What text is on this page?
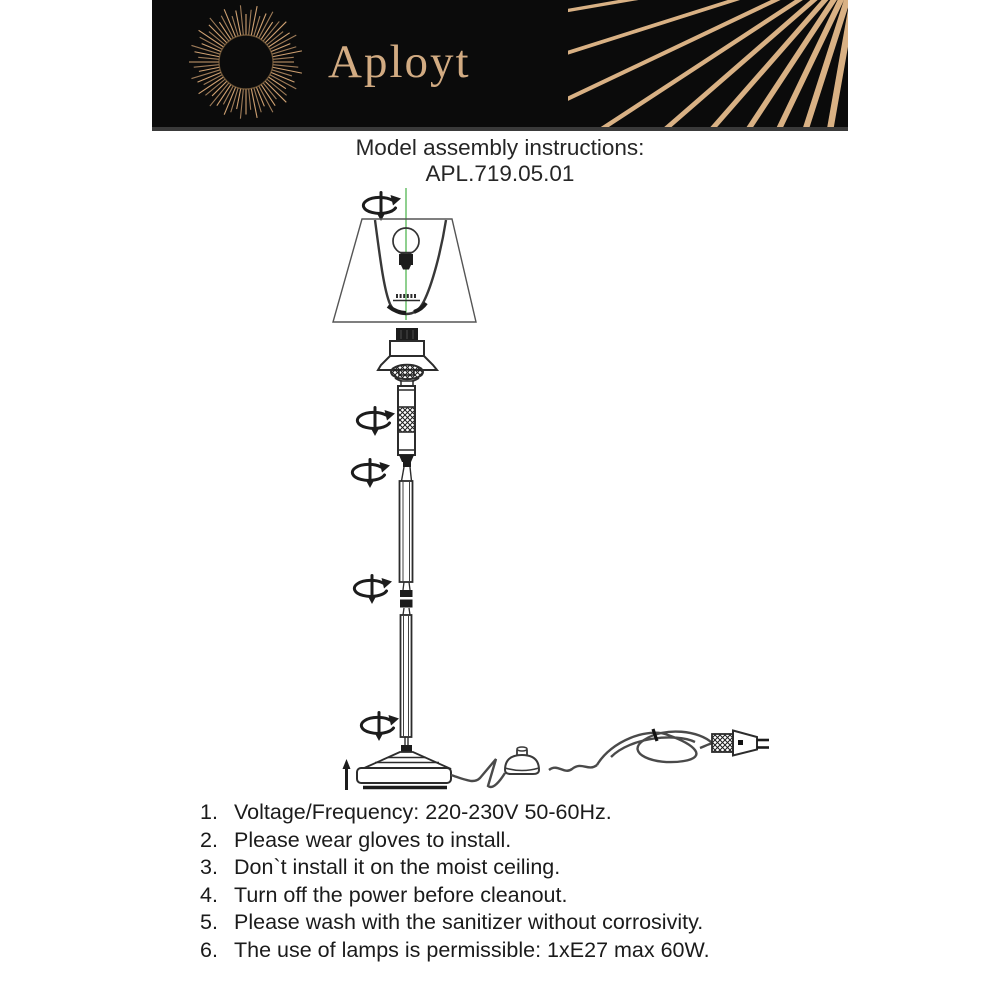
Aployt
Model assembly instructions:
APL.719.05.01
1. Voltage/Frequency: 220-230V 50-60Hz.
2. Please wear gloves to install.
3. Don`t install it on the moist ceiling.
4. Turn off the power before cleanout.
5. Please wash with the sanitizer without corrosivity.
6. The use of lamps is permissible: 1xE27 max 60W.
